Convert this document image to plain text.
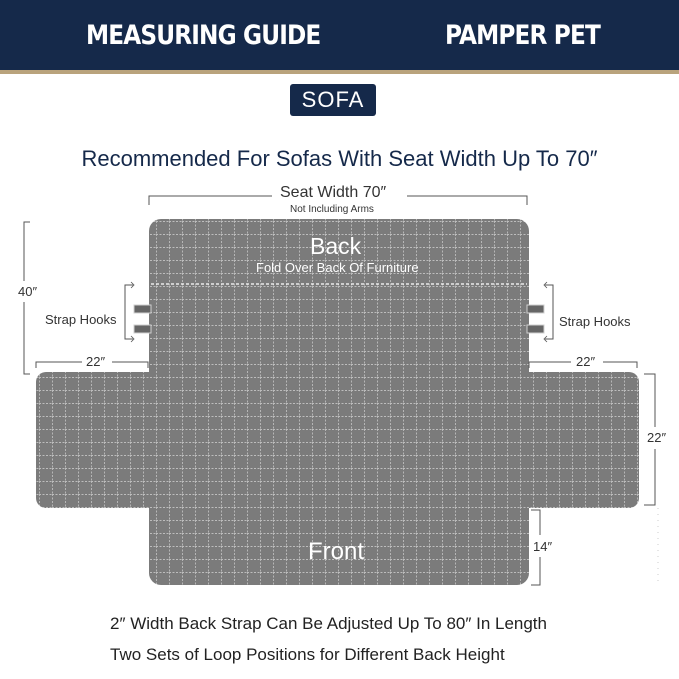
MEASURING GUIDE	PAMPER PET
SOFA
Recommended For Sofas With Seat Width Up To 70″
Seat Width 70″
Not Including Arms
Back
Fold Over Back Of Furniture
Front
40″
22″	22″
22″
14″
Strap Hooks	Strap Hooks
2″ Width Back Strap Can Be Adjusted Up To 80″ In Length
Two Sets of Loop Positions for Different Back Height
